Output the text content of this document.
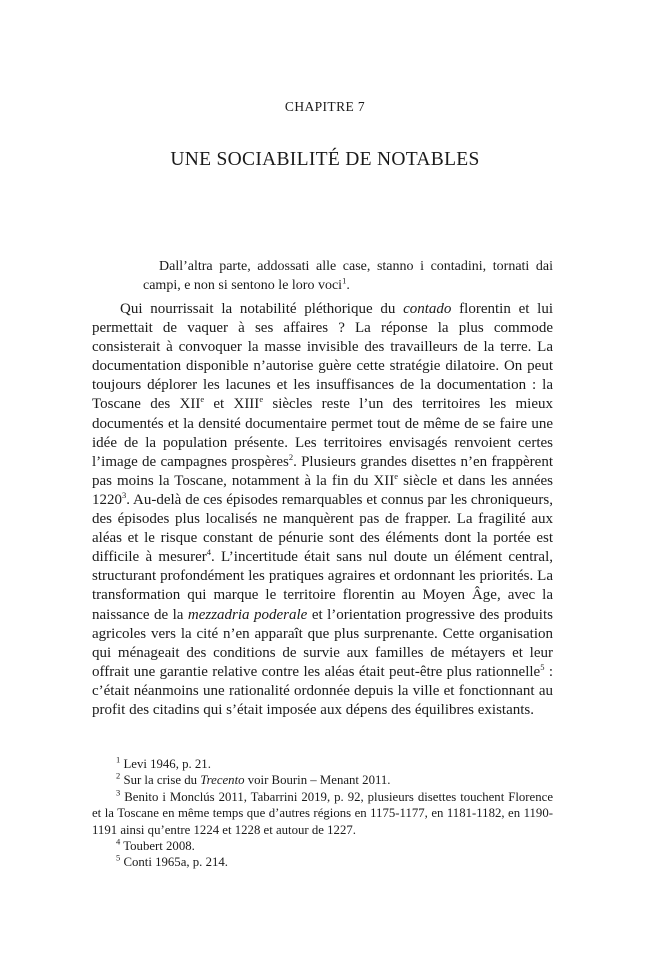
CHAPITRE 7
UNE SOCIABILITÉ DE NOTABLES

Dall’altra parte, addossati alle case, stanno i contadini, tornati dai campi, e non si sentono le loro voci$^1$.

Qui nourrissait la notabilité pléthorique du contado florentin et lui permettait de vaquer à ses affaires ? La réponse la plus commode consisterait à convoquer la masse invisible des travailleurs de la terre. La documentation disponible n’autorise guère cette stratégie dilatoire. On peut toujours déplorer les lacunes et les insuffisances de la documentation : la Toscane des XIIe et XIIIe siècles reste l’un des territoires les mieux documentés et la densité documentaire permet tout de même de se faire une idée de la population présente. Les territoires envisagés renvoient certes l’image de campagnes prospères$^2$. Plusieurs grandes disettes n’en frappèrent pas moins la Toscane, notamment à la fin du XIIe siècle et dans les années 1220$^3$. Au-delà de ces épisodes remarquables et connus par les chroniqueurs, des épisodes plus localisés ne manquèrent pas de frapper. La fragilité aux aléas et le risque constant de pénurie sont des éléments dont la portée est difficile à mesurer$^4$. L’incertitude était sans nul doute un élément central, structurant profondément les pratiques agraires et ordonnant les priorités. La transformation qui marque le territoire florentin au Moyen Âge, avec la naissance de la mezzadria poderale et l’orientation progressive des produits agricoles vers la cité n’en apparaît que plus surprenante. Cette organisation qui ménageait des conditions de survie aux familles de métayers et leur offrait une garantie relative contre les aléas était peut-être plus rationnelle$^5$ : c’était néanmoins une rationalité ordonnée depuis la ville et fonctionnant au profit des citadins qui s’était imposée aux dépens des équilibres existants.

$^1$ Levi 1946, p. 21.

$^2$ Sur la crise du Trecento voir Bourin – Menant 2011.

$^3$ Benito i Monclús 2011, Tabarrini 2019, p. 92, plusieurs disettes touchent Florence et la Toscane en même temps que d’autres régions en 1175-1177, en 1181-1182, en 1190-1191 ainsi qu’entre 1224 et 1228 et autour de 1227.

$^4$ Toubert 2008.

$^5$ Conti 1965a, p. 214.
